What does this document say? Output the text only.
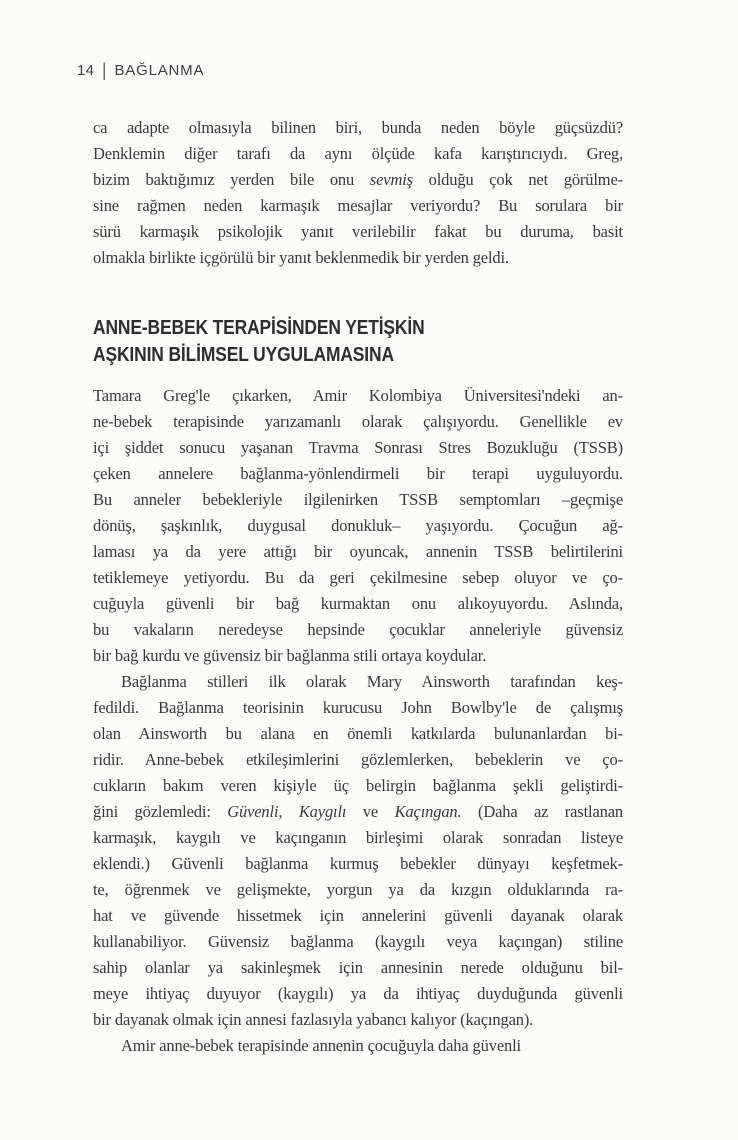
14 | BAĞLANMA
ca adapte olmasıyla bilinen biri, bunda neden böyle güçsüzdü?
Denklemin diğer tarafı da aynı ölçüde kafa karıştırıcıydı. Greg,
bizim baktığımız yerden bile onu sevmiş olduğu çok net görülme-
sine rağmen neden karmaşık mesajlar veriyordu? Bu sorulara bir
sürü karmaşık psikolojik yanıt verilebilir fakat bu duruma, basit
olmakla birlikte içgörülü bir yanıt beklenmedik bir yerden geldi.
ANNE-BEBEK TERAPİSİNDEN YETİŞKİN
AŞKININ BİLİMSEL UYGULAMASINA
Tamara Greg'le çıkarken, Amir Kolombiya Üniversitesi'ndeki an-
ne-bebek terapisinde yarızamanlı olarak çalışıyordu. Genellikle ev
içi şiddet sonucu yaşanan Travma Sonrası Stres Bozukluğu (TSSB)
çeken annelere bağlanma-yönlendirmeli bir terapi uyguluyordu.
Bu anneler bebekleriyle ilgilenirken TSSB semptomları –geçmişe
dönüş, şaşkınlık, duygusal donukluk– yaşıyordu. Çocuğun ağ-
laması ya da yere attığı bir oyuncak, annenin TSSB belirtilerini
tetiklemeye yetiyordu. Bu da geri çekilmesine sebep oluyor ve ço-
cuğuyla güvenli bir bağ kurmaktan onu alıkoyuyordu. Aslında,
bu vakaların neredeyse hepsinde çocuklar anneleriyle güvensiz
bir bağ kurdu ve güvensiz bir bağlanma stili ortaya koydular.
Bağlanma stilleri ilk olarak Mary Ainsworth tarafından keş-
fedildi. Bağlanma teorisinin kurucusu John Bowlby'le de çalışmış
olan Ainsworth bu alana en önemli katkılarda bulunanlardan bi-
ridir. Anne-bebek etkileşimlerini gözlemlerken, bebeklerin ve ço-
cukların bakım veren kişiyle üç belirgin bağlanma şekli geliştirdi-
ğini gözlemledi: Güvenli, Kaygılı ve Kaçıngan. (Daha az rastlanan
karmaşık, kaygılı ve kaçınganın birleşimi olarak sonradan listeye
eklendi.) Güvenli bağlanma kurmuş bebekler dünyayı keşfetmek-
te, öğrenmek ve gelişmekte, yorgun ya da kızgın olduklarında ra-
hat ve güvende hissetmek için annelerini güvenli dayanak olarak
kullanabiliyor. Güvensiz bağlanma (kaygılı veya kaçıngan) stiline
sahip olanlar ya sakinleşmek için annesinin nerede olduğunu bil-
meye ihtiyaç duyuyor (kaygılı) ya da ihtiyaç duyduğunda güvenli
bir dayanak olmak için annesi fazlasıyla yabancı kalıyor (kaçıngan).
Amir anne-bebek terapisinde annenin çocuğuyla daha güvenli
